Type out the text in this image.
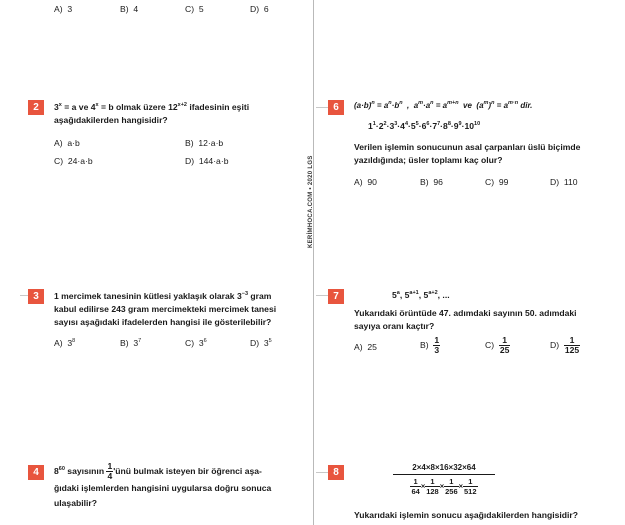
KERİMHOCA.COM • 2020 LGS
A) 3	B) 4	C) 5	D) 6
2	$3^x = a$ ve $4^x = b$ olmak üzere $12^{x+2}$ ifadesinin eşiti
aşağıdakilerden hangisidir?
A) a·b	B) 12·a·b
C) 24·a·b	D) 144·a·b
3	1 mercimek tanesinin kütlesi yaklaşık olarak $3^{-3}$ gram
kabul edilirse 243 gram mercimekteki mercimek tanesi
sayısı aşağıdaki ifadelerden hangisi ile gösterilebilir?
A) $3^8$	B) $3^7$	C) $3^6$	D) $3^5$
4	$8^{60}$ sayısının $\frac{1}{4}$ 'ünü bulmak isteyen bir öğrenci aşa-
ğıdaki işlemlerden hangisini uygularsa doğru sonuca
ulaşabilir?
6	$(a\cdot b)^n = a^n\cdot b^n$  ,  $a^m\cdot a^n = a^{m+n}$ ve  $(a^m)^n = a^{m\cdot n}$ dir.
$1^1\cdot 2^2\cdot 3^3\cdot 4^4\cdot 5^5\cdot 6^6\cdot 7^7\cdot 8^8\cdot 9^9\cdot 10^{10}$
Verilen işlemin sonucunun asal çarpanları üslü biçimde
yazıldığında; üsler toplamı kaç olur?
A) 90	B) 96	C) 99	D) 110
7	5$^a$, $5^{a+1}$, $5^{a+2}$, ...
Yukarıdaki örüntüde 47. adımdaki sayının 50. adımdaki
sayıya oranı kaçtır?
A) 25	$B) \frac{1}{3}$	$C) \frac{1}{25}$	$D) \frac{1}{125}$
8	2×4×8×16×32×64
$\frac{1}{64} \times \frac{1}{128} \times \frac{1}{256} \times \frac{1}{512}$
Yukarıdaki işlemin sonucu aşağıdakilerden hangisidir?
